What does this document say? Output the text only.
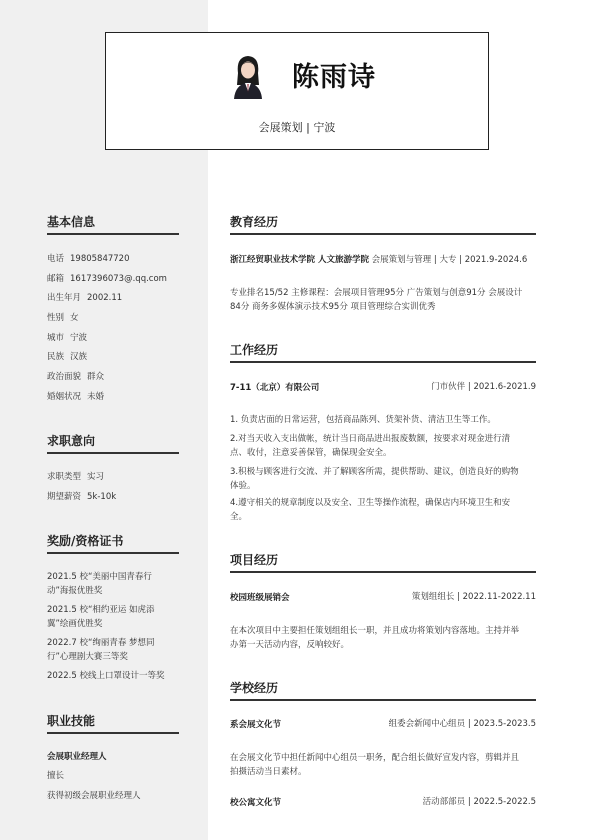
陈雨诗
会展策划 | 宁波
基本信息
电话 19805847720
邮箱 1617396073@.qq.com
出生年月 2002.11
性别 女
城市 宁波
民族 汉族
政治面貌 群众
婚姻状况 未婚
求职意向
求职类型 实习
期望薪资 5k-10k
奖励/资格证书
2021.5 校“美丽中国青春行
动”海报优胜奖
2021.5 校“相约亚运 如虎添
翼”绘画优胜奖
2022.7 校“绚丽青春 梦想同
行”心理剧大赛三等奖
2022.5 校线上口罩设计一等奖
职业技能
会展职业经理人
擅长
获得初级会展职业经理人
教育经历
浙江经贸职业技术学院 人文旅游学院 会展策划与管理 | 大专 | 2021.9-2024.6
专业排名15/52 主修课程：会展项目管理95分 广告策划与创意91分 会展设计
84分 商务多媒体演示技术95分 项目管理综合实训优秀
工作经历
7-11（北京）有限公司	门市伙伴 | 2021.6-2021.9
1. 负责店面的日常运营，包括商品陈列、货架补货、清洁卫生等工作。
2.对当天收入支出做帐，统计当日商品进出报废数额，按要求对现金进行清
点、收付，注意妥善保管，确保现金安全。
3.积极与顾客进行交流、并了解顾客所需，提供帮助、建议，创造良好的购物
体验。
4.遵守相关的规章制度以及安全、卫生等操作流程，确保店内环境卫生和安
全。
项目经历
校园班级展销会	策划组组长 | 2022.11-2022.11
在本次项目中主要担任策划组组长一职，并且成功将策划内容落地。主持并举
办第一天活动内容，反响较好。
学校经历
系会展文化节	组委会新闻中心组员 | 2023.5-2023.5
在会展文化节中担任新闻中心组员一职务，配合组长做好宣发内容，剪辑并且
拍摄活动当日素材。
校公寓文化节	活动部部员 | 2022.5-2022.5
